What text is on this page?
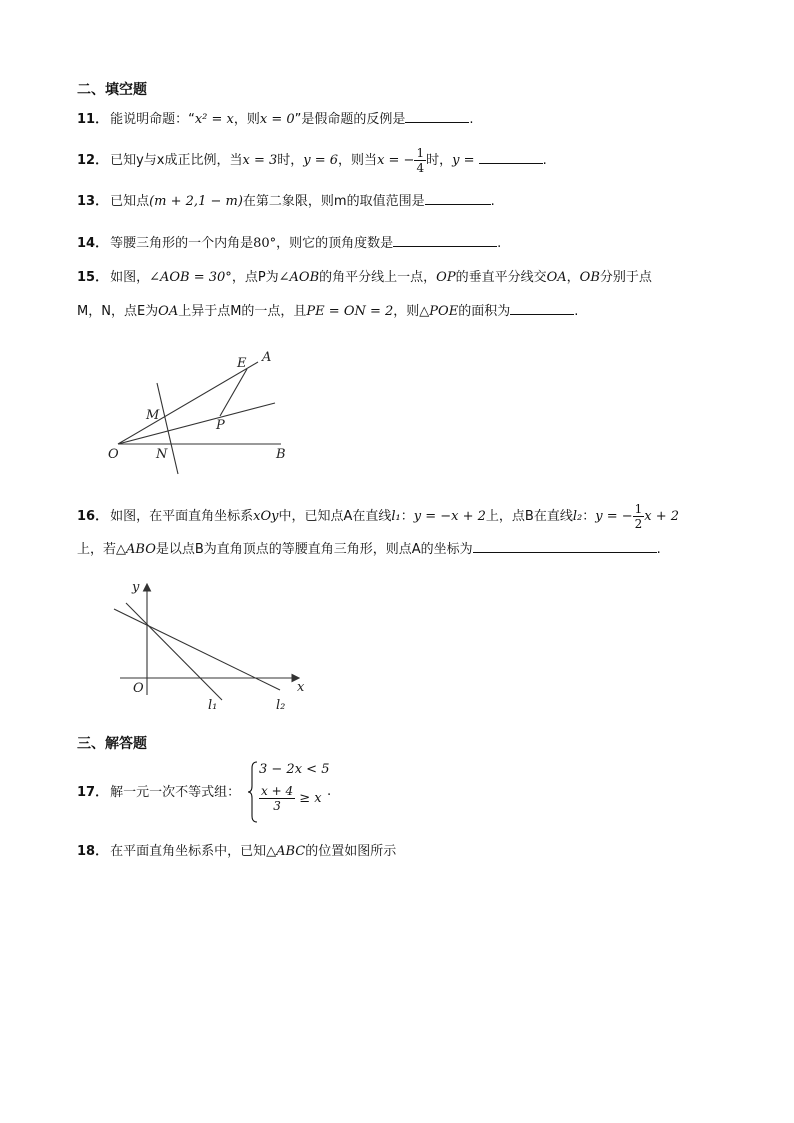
二、填空题
11． 能说明命题：“x² = x，则x = 0”是假命题的反例是	.
12． 已知y与x成正比例，当x = 3时，y = 6，则当x = − $\frac{1}{4}$ 时，y =	.
13． 已知点(m + 2,1 − m)在第二象限，则m的取值范围是	.
14． 等腰三角形的一个内角是80°，则它的顶角度数是	.
15． 如图，∠AOB = 30°，点P为∠AOB的角平分线上一点，OP的垂直平分线交OA，OB分别于点
M，N，点E为OA上异于点M的一点，且PE = ON = 2，则△POE的面积为	.
E A
M
P
O	N	B
16． 如图，在平面直角坐标系xOy中，已知点A在直线l₁：y = −x + 2上，点B在直线l₂：y = − $\frac{1}{2}$ x + 2
上，若△ABO是以点B为直角顶点的等腰直角三角形，则点A的坐标为	.
y
x
O
l₁	l₂
三、解答题
17． 解一元一次不等式组：
3 − 2x < 5
$\frac{x + 4}{3} \ge x$ .
18． 在平面直角坐标系中，已知△ABC的位置如图所示
